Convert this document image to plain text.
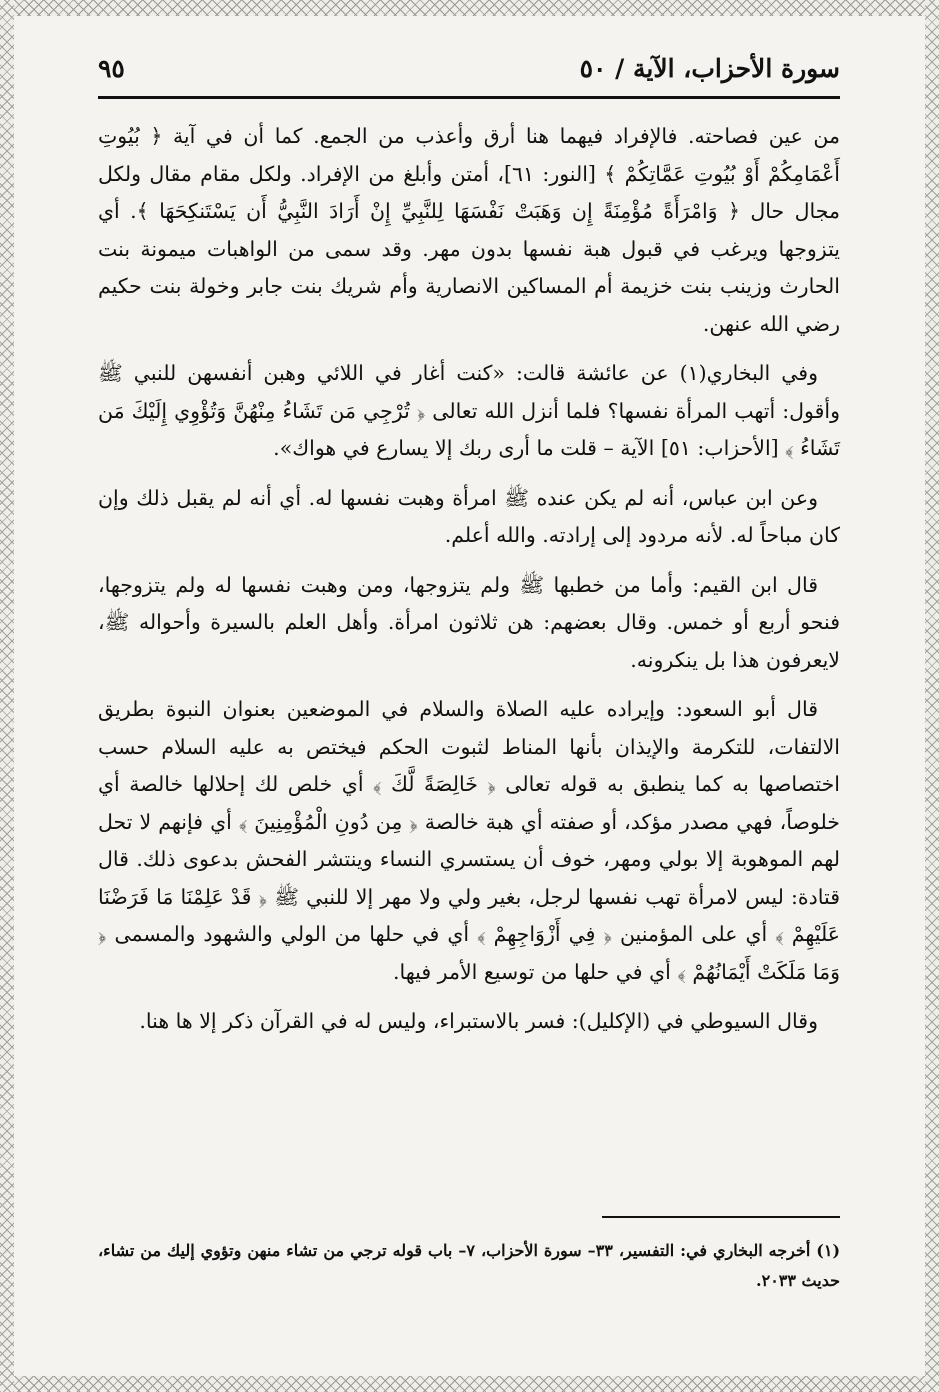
سورة الأحزاب، الآية / ٥٠
٩٥

من عين فصاحته. فالإفراد فيهما هنا أرق وأعذب من الجمع. كما أن في آية ﴿ بُيُوتِ أَعْمَامِكُمْ أَوْ بُيُوتِ عَمَّاتِكُمْ ﴾ [النور: ٦١]، أمتن وأبلغ من الإفراد. ولكل مقام مقال ولكل مجال حال ﴿ وَامْرَأَةً مُؤْمِنَةً إِن وَهَبَتْ نَفْسَهَا لِلنَّبِيِّ إِنْ أَرَادَ النَّبِيُّ أَن يَسْتَنكِحَهَا ﴾. أي يتزوجها ويرغب في قبول هبة نفسها بدون مهر. وقد سمى من الواهبات ميمونة بنت الحارث وزينب بنت خزيمة أم المساكين الانصارية وأم شريك بنت جابر وخولة بنت حكيم رضي الله عنهن.

وفي البخاري(١) عن عائشة قالت: «كنت أغار في اللائي وهبن أنفسهن للنبي ﷺ وأقول: أتهب المرأة نفسها؟ فلما أنزل الله تعالى ﴿ تُرْجِي مَن تَشَاءُ مِنْهُنَّ وَتُؤْوِي إِلَيْكَ مَن تَشَاءُ ﴾ [الأحزاب: ٥١] الآية – قلت ما أرى ربك إلا يسارع في هواك».

وعن ابن عباس، أنه لم يكن عنده ﷺ امرأة وهبت نفسها له. أي أنه لم يقبل ذلك وإن كان مباحاً له. لأنه مردود إلى إرادته. والله أعلم.

قال ابن القيم: وأما من خطبها ﷺ ولم يتزوجها، ومن وهبت نفسها له ولم يتزوجها، فنحو أربع أو خمس. وقال بعضهم: هن ثلاثون امرأة. وأهل العلم بالسيرة وأحواله ﷺ، لايعرفون هذا بل ينكرونه.

قال أبو السعود: وإيراده عليه الصلاة والسلام في الموضعين بعنوان النبوة بطريق الالتفات، للتكرمة والإيذان بأنها المناط لثبوت الحكم فيختص به عليه السلام حسب اختصاصها به كما ينطبق به قوله تعالى ﴿ خَالِصَةً لَّكَ ﴾ أي خلص لك إحلالها خالصة أي خلوصاً، فهي مصدر مؤكد، أو صفته أي هبة خالصة ﴿ مِن دُونِ الْمُؤْمِنِينَ ﴾ أي فإنهم لا تحل لهم الموهوبة إلا بولي ومهر، خوف أن يستسري النساء وينتشر الفحش بدعوى ذلك. قال قتادة: ليس لامرأة تهب نفسها لرجل، بغير ولي ولا مهر إلا للنبي ﷺ ﴿ قَدْ عَلِمْنَا مَا فَرَضْنَا عَلَيْهِمْ ﴾ أي على المؤمنين ﴿ فِي أَزْوَاجِهِمْ ﴾ أي في حلها من الولي والشهود والمسمى ﴿ وَمَا مَلَكَتْ أَيْمَانُهُمْ ﴾ أي في حلها من توسيع الأمر فيها.

وقال السيوطي في (الإكليل): فسر بالاستبراء، وليس له في القرآن ذكر إلا ها هنا.

(١) أخرجه البخاري في: التفسير، ٣٣– سورة الأحزاب، ٧– باب قوله ترجي من تشاء منهن وتؤوي إليك من تشاء، حديث ٢٠٣٣.
